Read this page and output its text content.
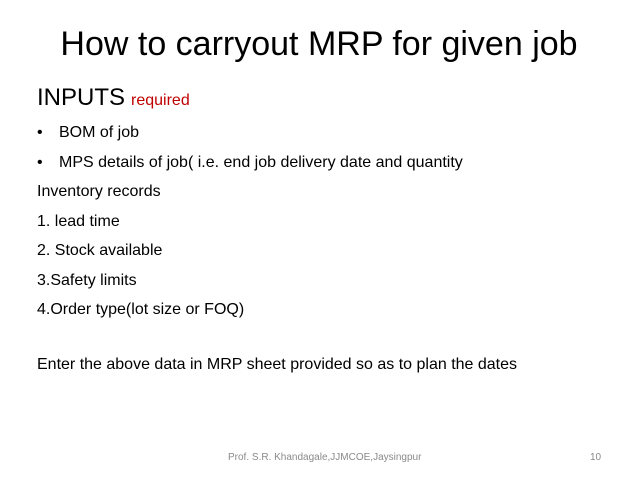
How to carryout MRP for given job
INPUTS required
• BOM of job
• MPS details of job( i.e. end job delivery date and quantity
Inventory records
1. lead time
2. Stock available
3.Safety limits
4.Order type(lot size or FOQ)
Enter the above data in MRP sheet provided so as to plan the dates
Prof. S.R. Khandagale,JJMCOE,Jaysingpur	10
